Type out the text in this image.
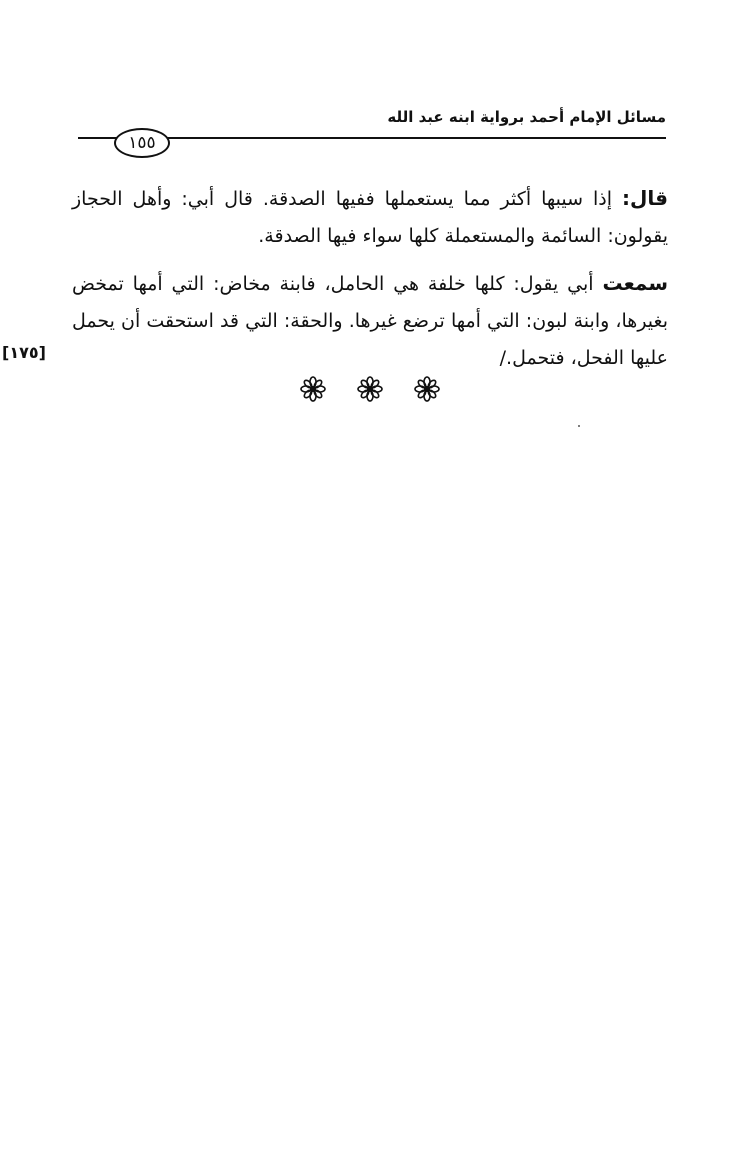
مسائل الإمام أحمد برواية ابنه عبد الله
١٥٥

قال: إذا سيبها أكثر مما يستعملها ففيها الصدقة. قال أبي: وأهل الحجاز يقولون: السائمة والمستعملة كلها سواء فيها الصدقة.

سمعت أبي يقول: كلها خلفة هي الحامل، فابنة مخاض: التي أمها تمخض بغيرها، وابنة لبون: التي أمها ترضع غيرها. والحقة: التي قد استحقت أن يحمل عليها الفحل، فتحمل./

[١٧٥]
